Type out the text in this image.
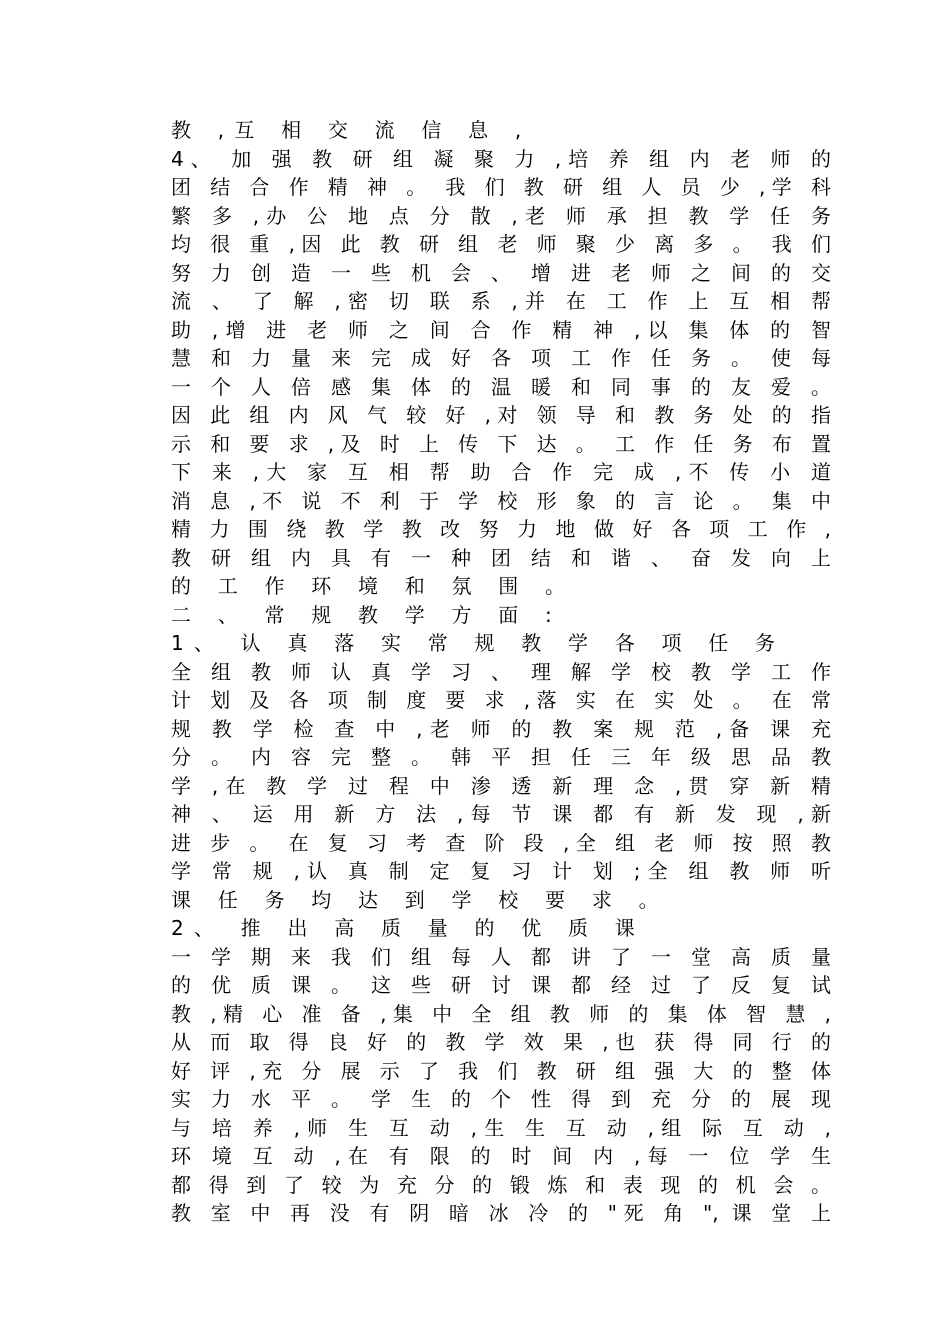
教 ,互 相 交 流 信 息 ,
4、 加 强 教 研 组 凝 聚 力 ,培 养 组 内 老 师 的
团 结 合 作 精 神 。 我 们 教 研 组 人 员 少 ,学 科
繁 多 ,办 公 地 点 分 散 ,老 师 承 担 教 学 任 务
均 很 重 ,因 此 教 研 组 老 师 聚 少 离 多 。 我 们
努 力 创 造 一 些 机 会 、 增 进 老 师 之 间 的 交
流 、 了 解 ,密 切 联 系 ,并 在 工 作 上 互 相 帮
助 ,增 进 老 师 之 间 合 作 精 神 ,以 集 体 的 智
慧 和 力 量 来 完 成 好 各 项 工 作 任 务 。 使 每
一 个 人 倍 感 集 体 的 温 暖 和 同 事 的 友 爱 。
因 此 组 内 风 气 较 好 ,对 领 导 和 教 务 处 的 指
示 和 要 求 ,及 时 上 传 下 达 。 工 作 任 务 布 置
下 来 ,大 家 互 相 帮 助 合 作 完 成 ,不 传 小 道
消 息 ,不 说 不 利 于 学 校 形 象 的 言 论 。 集 中
精 力 围 绕 教 学 教 改 努 力 地 做 好 各 项 工 作 ,
教 研 组 内 具 有 一 种 团 结 和 谐 、 奋 发 向 上
的 工 作 环 境 和 氛 围 。
二 、 常 规 教 学 方 面 :
1、 认 真 落 实 常 规 教 学 各 项 任 务
全 组 教 师 认 真 学 习 、 理 解 学 校 教 学 工 作
计 划 及 各 项 制 度 要 求 ,落 实 在 实 处 。 在 常
规 教 学 检 查 中 ,老 师 的 教 案 规 范 ,备 课 充
分 。 内 容 完 整 。 韩 平 担 任 三 年 级 思 品 教
学 ,在 教 学 过 程 中 渗 透 新 理 念 ,贯 穿 新 精
神 、 运 用 新 方 法 ,每 节 课 都 有 新 发 现 ,新
进 步 。 在 复 习 考 查 阶 段 ,全 组 老 师 按 照 教
学 常 规 ,认 真 制 定 复 习 计 划 ;全 组 教 师 听
课 任 务 均 达 到 学 校 要 求 。
2、 推 出 高 质 量 的 优 质 课
一 学 期 来 我 们 组 每 人 都 讲 了 一 堂 高 质 量
的 优 质 课 。 这 些 研 讨 课 都 经 过 了 反 复 试
教 ,精 心 准 备 ,集 中 全 组 教 师 的 集 体 智 慧 ,
从 而 取 得 良 好 的 教 学 效 果 ,也 获 得 同 行 的
好 评 ,充 分 展 示 了 我 们 教 研 组 强 大 的 整 体
实 力 水 平 。 学 生 的 个 性 得 到 充 分 的 展 现
与 培 养 ,师 生 互 动 ,生 生 互 动 ,组 际 互 动 ,
环 境 互 动 ,在 有 限 的 时 间 内 ,每 一 位 学 生
都 得 到 了 较 为 充 分 的 锻 炼 和 表 现 的 机 会 。
教 室 中 再 没 有 阴 暗 冰 冷 的 "死 角 ", 课 堂 上
